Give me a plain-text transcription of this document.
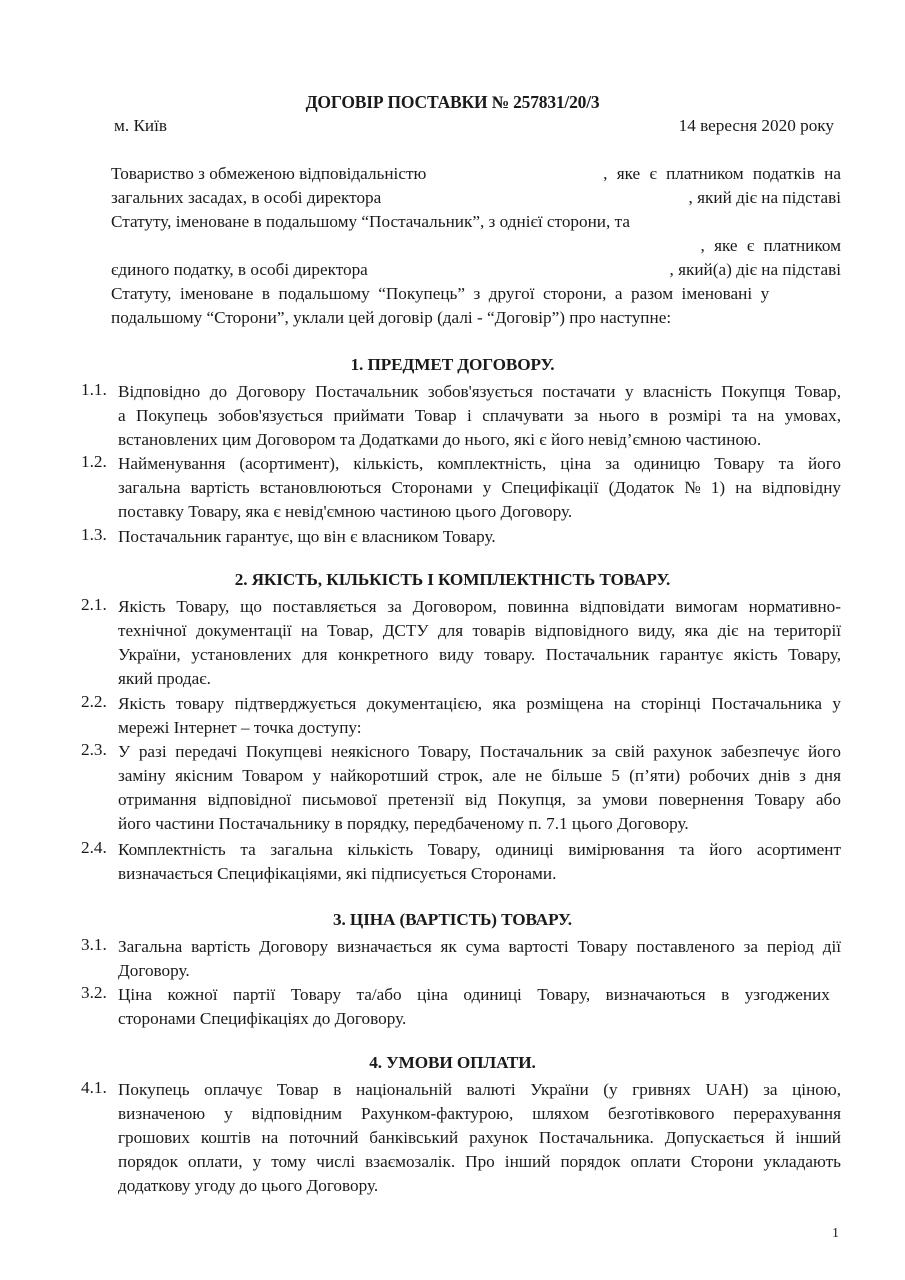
ДОГОВІР ПОСТАВКИ № 257831/20/3
м. Київ	14 вересня 2020 року
Товариство з обмеженою відповідальністю	, яке є платником податків на
загальних засадах, в особі директора	, який діє на підставі
Статуту, іменоване в подальшому “Постачальник”, з однієї сторони, та
, яке є платником
єдиного податку, в особі директора	, який(а) діє на підставі
Статуту, іменоване в подальшому “Покупець” з другої сторони, а разом іменовані у
подальшому “Сторони”, уклали цей договір (далі - “Договір”) про наступне:
1. ПРЕДМЕТ ДОГОВОРУ.
1.1. Відповідно до Договору Постачальник зобов'язується постачати у власність Покупця Товар,
а Покупець зобов'язується приймати Товар і сплачувати за нього в розмірі та на умовах,
встановлених цим Договором та Додатками до нього, які є його невід’ємною частиною.
1.2. Найменування (асортимент), кількість, комплектність, ціна за одиницю Товару та його
загальна вартість встановлюються Сторонами у Специфікації (Додаток № 1) на відповідну
поставку Товару, яка є невід'ємною частиною цього Договору.
1.3. Постачальник гарантує, що він є власником Товару.
2. ЯКІСТЬ, КІЛЬКІСТЬ І КОМПЛЕКТНІСТЬ ТОВАРУ.
2.1. Якість Товару, що поставляється за Договором, повинна відповідати вимогам нормативно-
технічної документації на Товар, ДСТУ для товарів відповідного виду, яка діє на території
України, установлених для конкретного виду товару. Постачальник гарантує якість Товару,
який продає.
2.2. Якість товару підтверджується документацією, яка розміщена на сторінці Постачальника у
мережі Інтернет – точка доступу:
2.3. У разі передачі Покупцеві неякісного Товару, Постачальник за свій рахунок забезпечує його
заміну якісним Товаром у найкоротший строк, але не більше 5 (п’яти) робочих днів з дня
отримання відповідної письмової претензії від Покупця, за умови повернення Товару або
його частини Постачальнику в порядку, передбаченому п. 7.1 цього Договору.
2.4. Комплектність та загальна кількість Товару, одиниці вимірювання та його асортимент
визначається Специфікаціями, які підписується Сторонами.
3. ЦІНА (ВАРТІСТЬ) ТОВАРУ.
3.1. Загальна вартість Договору визначається як сума вартості Товару поставленого за період дії
Договору.
3.2. Ціна кожної партії Товару та/або ціна одиниці Товару, визначаються в узгоджених
сторонами Специфікаціях до Договору.
4. УМОВИ ОПЛАТИ.
4.1. Покупець оплачує Товар в національній валюті України (у гривнях UAH) за ціною,
визначеною у відповідним Рахунком-фактурою, шляхом безготівкового перерахування
грошових коштів на поточний банківський рахунок Постачальника. Допускається й інший
порядок оплати, у тому числі взаємозалік. Про інший порядок оплати Сторони укладають
додаткову угоду до цього Договору.
1
